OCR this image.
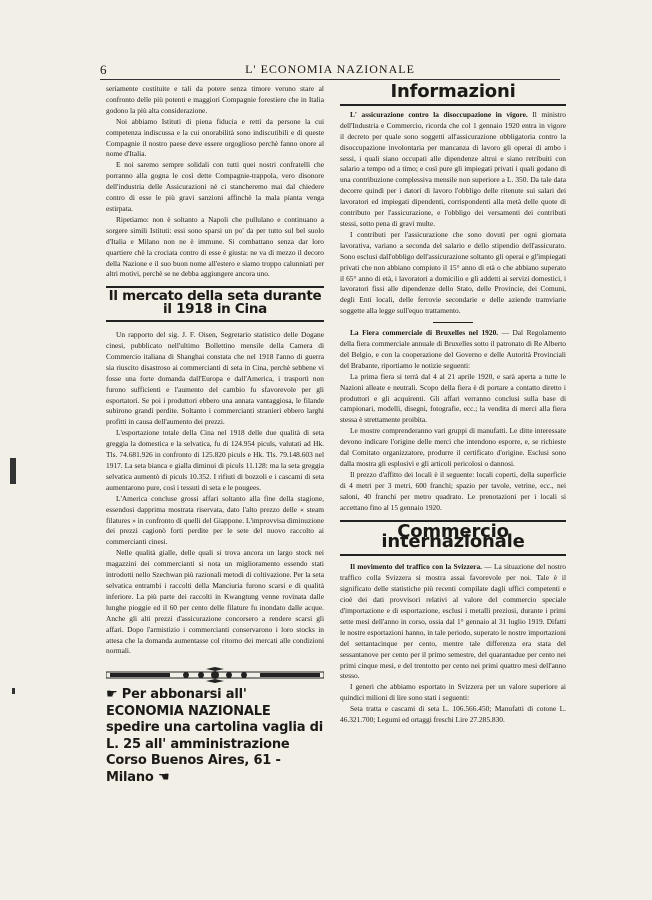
6	L' ECONOMIA NAZIONALE

seriamente costituite e tali da potere senza timore veruno stare al confronto delle più potenti e maggiori Compagnie forestiere che in Italia godono la più alta considerazione.

Noi abbiamo Istituti di piena fiducia e retti da persone la cui competenza indiscussa e la cui onorabilità sono indiscutibili e di queste Compagnie il nostro paese deve essere orgoglioso perchè fanno onore al nome d'Italia.

E noi saremo sempre solidali con tutti quei nostri confratelli che porranno alla gogna le così dette Compagnie-trappola, vero disonore dell'industria delle Assicurazioni nè ci stancheremo mai dal chiedere contro di esse le più gravi sanzioni affinchè la mala pianta venga estirpata.

Ripetiamo: non è soltanto a Napoli che pullulano e continuano a sorgere simili Istituti: essi sono sparsi un po' da per tutto sul bel suolo d'Italia e Milano non ne è immune. Si combattano senza dar loro quartiere chè la crociata contro di esse è giusta: ne va di mezzo il decoro della Nazione e il suo buon nome all'estero e siamo troppo calunniati per altri motivi, perchè se ne debba aggiungere ancora uno.

Il mercato della seta durante il 1918 in Cina

Un rapporto del sig. J. F. Oisen, Segretario statistico delle Dogane cinesi, pubblicato nell'ultimo Bollettino mensile della Camera di Commercio italiana di Shanghai constata che nel 1918 l'anno di guerra sia riuscito disastroso ai commercianti di seta in Cina, perchè sebbene vi fosse una forte domanda dall'Europa e dall'America, i trasporti non furono sufficienti e l'aumento del cambio fu sfavorevole per gli esportatori. Se poi i produttori ebbero una annata vantaggiosa, le filande subirono grandi perdite. Soltanto i commercianti stranieri ebbero larghi profitti in causa dell'aumento dei prezzi.

L'esportazione totale della Cina nel 1918 delle due qualità di seta greggia la domestica e la selvatica, fu di 124.954 piculs, valutati ad Hk. Tls. 74.681.926 in confronto di 125.820 piculs e Hk. Tls. 79.148.603 nel 1917. La seta bianca e gialla diminui di piculs 11.128: ma la seta greggia selvatica aumentò di piculs 10.352. I rifiuti di bozzoli e i cascami di seta aumentarono pure, così i tessuti di seta e le pougees.

L'America concluse grossi affari soltanto alla fine della stagione, essendosi dapprima mostrata riservata, dato l'alto prezzo delle « steam filatures » in confronto di quelli del Giappone. L'improvvisa diminuzione dei prezzi cagionò forti perdite per le sete del nuovo raccolto ai commercianti cinesi.

Nelle qualità gialle, delle quali si trova ancora un largo stock nei magazzini dei commercianti si nota un miglioramento essendo stati introdotti nello Szechwan più razionali metodi di coltivazione. Per la seta selvatica entrambi i raccolti della Manciuria furono scarsi e di qualità inferiore. La più parte dei raccolti in Kwangtung venne rovinata dalle lunghe pioggie ed il 60 per cento delle filature fu inondato dalle acque. Anche gli alti prezzi d'assicurazione concorsero a rendere scarsi gli affari. Dopo l'armistizio i commercianti conservarono i loro stocks in attesa che la domanda aumentasse col ritorno dei mercati alle condizioni normali.

☛ Per abbonarsi all' ECONOMIA NAZIONALE spedire una cartolina vaglia di L. 25 all' amministrazione Corso Buenos Aires, 61 - Milano ☚
Informazioni

L' assicurazione contro la disoccupazione in vigore. Il ministro dell'Industria e Commercio, ricorda che col 1 gennaio 1920 entra in vigore il decreto per quale sono soggetti all'assicurazione obbligatoria contro la disoccupazione involontaria per mancanza di lavoro gli operai di ambo i sessi, i quali siano occupati alle dipendenze altrui e siano retribuiti con salario a tempo od a timo; e così pure gli impiegati privati i quali godano di una contribuzione complessiva mensile non superiore a L. 350. Da tale data decorre quindi per i datori di lavoro l'obbligo delle ritenute sui salari dei lavoratori ed impiegati dipendenti, corrispondenti alla metà delle quote di contributo per l'assicurazione, e l'obbligo dei versamenti dei contributi stessi, sotto pena di gravi multe.

I contributi per l'assicurazione che sono dovuti per ogni giornata lavorativa, variano a seconda del salario e dello stipendio dell'assicurato. Sono esclusi dall'obbligo dell'assicurazione soltanto gli operai e gl'impiegati privati che non abbiano compiuto il 15° anno di età o che abbiano superato il 65° anno di età, i lavoratori a domicilio e gli addetti ai servizi domestici, i lavoratori fissi alle dipendenze dello Stato, delle Provincie, dei Comuni, degli Enti locali, delle ferrovie secondarie e delle aziende tramviarie soggette alla legge sull'equo trattamento.

La Fiera commerciale di Bruxelles nel 1920. — Dal Regolamento della fiera commerciale annuale di Bruxelles sotto il patronato di Re Alberto del Belgio, e con la cooperazione del Governo e delle Autorità Provinciali del Brabante, riportiamo le notizie seguenti:

La prima fiera si terrà dal 4 al 21 aprile 1920, e sarà aperta a tutte le Nazioni alleate e neutrali. Scopo della fiera è di portare a contatto diretto i produttori e gli acquirenti. Gli affari verranno conclusi sulla base di campionari, modelli, disegni, fotografie, ecc.; la vendita di merci alla fiera stessa è strettamente proibita.

Le mostre comprenderanno vari gruppi di manufatti. Le ditte interessate devono indicare l'origine delle merci che intendono esporre, e, se richieste dal Comitato organizzatore, produrre il certificato d'origine. Esclusi sono dalla mostra gli esplosivi e gli articoli pericolosi o dannosi.

Il prezzo d'affitto dei locali è il seguente: locali coperti, della superficie di 4 metri per 3 metri, 600 franchi; spazio per tavole, vetrine, ecc., nei saloni, 40 franchi per metro quadrato. Le prenotazioni per i locali si accettano fino al 15 gennaio 1920.

Commercio internazionale

Il movimento del traffico con la Svizzera. — La situazione del nostro traffico colla Svizzera si mostra assai favorevole per noi. Tale è il significato delle statistiche più recenti compilate dagli uffici competenti e cioè dei dati provvisori relativi al valore del commercio speciale d'importazione e di esportazione, esclusi i metalli preziosi, durante i primi sette mesi dell'anno in corso, ossia dal 1° gennaio al 31 luglio 1919. Difatti le nostre esportazioni hanno, in tale periodo, superato le nostre importazioni del settantacinque per cento, mentre tale differenza era stata del sessantanove per cento per il primo semestre, del quarantadue per cento nei primi cinque mesi, e del trentotto per cento nei primi quattro mesi dell'anno stesso.

I generi che abbiamo esportato in Svizzera per un valore superiore ai quindici milioni di lire sono stati i seguenti:

Seta tratta e cascami di seta L. 106.566.450; Manufatti di cotone L. 46.321.700; Legumi ed ortaggi freschi Lire 27.285.830.
